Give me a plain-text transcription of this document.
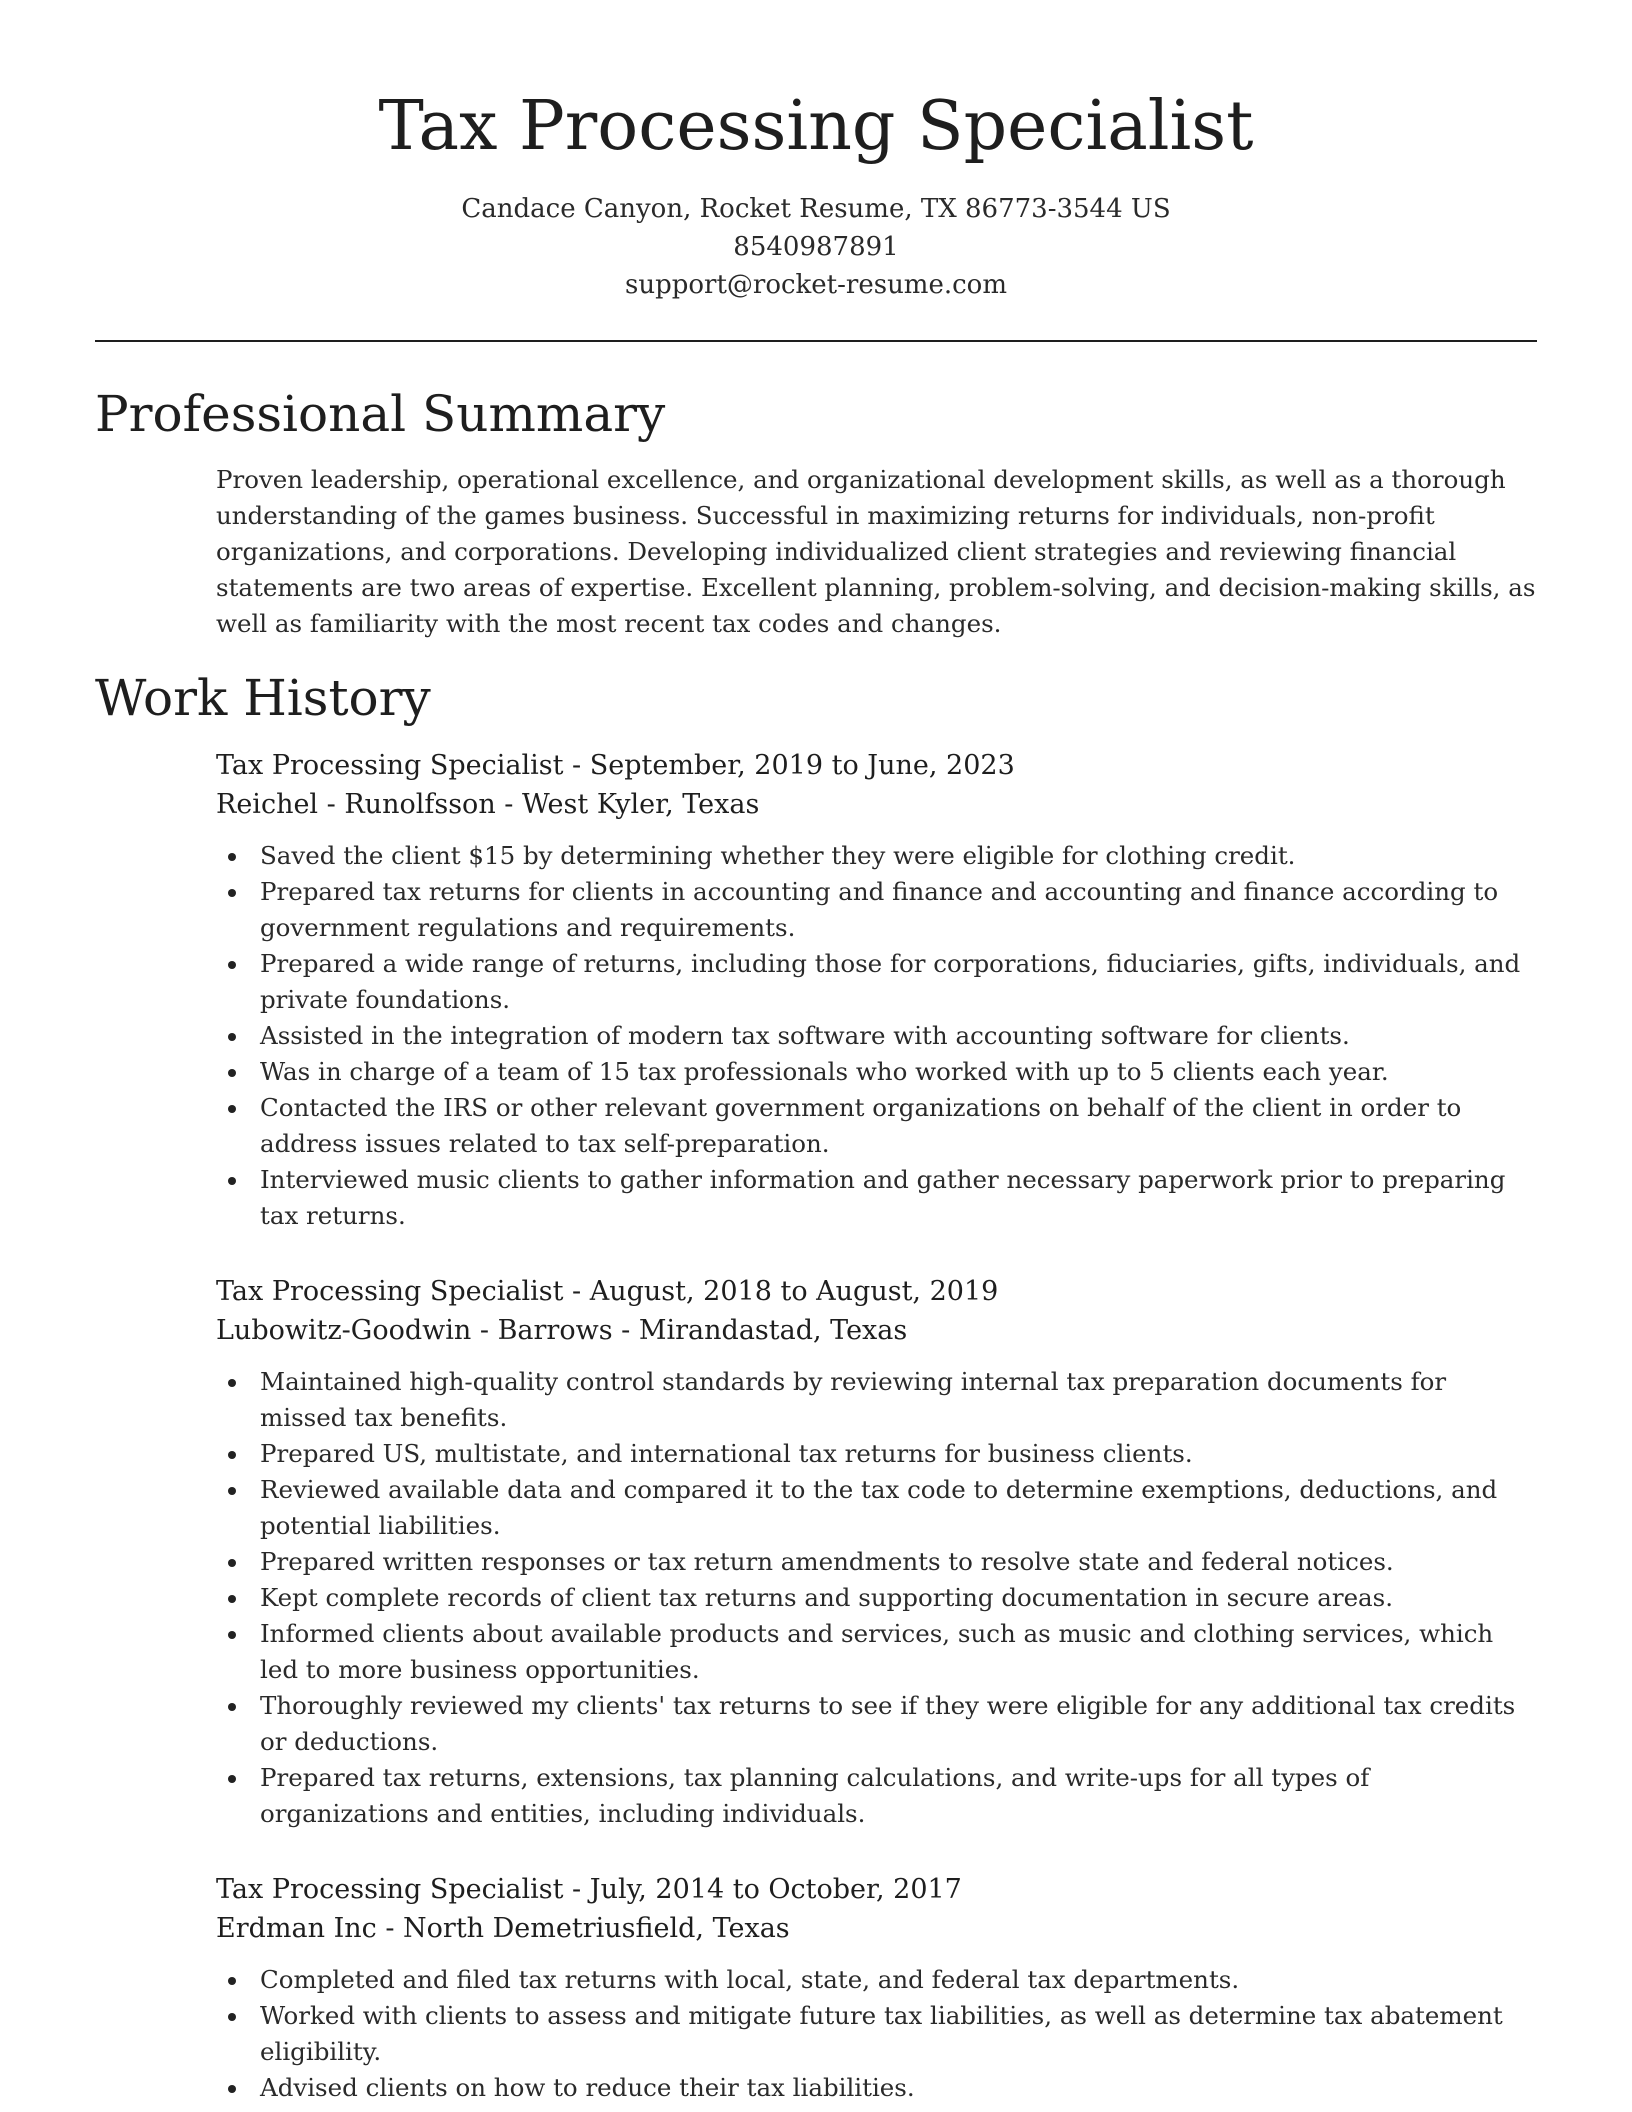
Tax Processing Specialist
Candace Canyon, Rocket Resume, TX 86773-3544 US
8540987891
support@rocket-resume.com
Professional Summary
Proven leadership, operational excellence, and organizational development skills, as well as a thorough understanding of the games business. Successful in maximizing returns for individuals, non-profit organizations, and corporations. Developing individualized client strategies and reviewing financial statements are two areas of expertise. Excellent planning, problem-solving, and decision-making skills, as well as familiarity with the most recent tax codes and changes.
Work History
Tax Processing Specialist - September, 2019 to June, 2023
Reichel - Runolfsson - West Kyler, Texas
Saved the client $15 by determining whether they were eligible for clothing credit.
Prepared tax returns for clients in accounting and finance and accounting and finance according to government regulations and requirements.
Prepared a wide range of returns, including those for corporations, fiduciaries, gifts, individuals, and private foundations.
Assisted in the integration of modern tax software with accounting software for clients.
Was in charge of a team of 15 tax professionals who worked with up to 5 clients each year.
Contacted the IRS or other relevant government organizations on behalf of the client in order to address issues related to tax self-preparation.
Interviewed music clients to gather information and gather necessary paperwork prior to preparing tax returns.
Tax Processing Specialist - August, 2018 to August, 2019
Lubowitz-Goodwin - Barrows - Mirandastad, Texas
Maintained high-quality control standards by reviewing internal tax preparation documents for missed tax benefits.
Prepared US, multistate, and international tax returns for business clients.
Reviewed available data and compared it to the tax code to determine exemptions, deductions, and potential liabilities.
Prepared written responses or tax return amendments to resolve state and federal notices.
Kept complete records of client tax returns and supporting documentation in secure areas.
Informed clients about available products and services, such as music and clothing services, which led to more business opportunities.
Thoroughly reviewed my clients' tax returns to see if they were eligible for any additional tax credits or deductions.
Prepared tax returns, extensions, tax planning calculations, and write-ups for all types of organizations and entities, including individuals.
Tax Processing Specialist - July, 2014 to October, 2017
Erdman Inc - North Demetriusfield, Texas
Completed and filed tax returns with local, state, and federal tax departments.
Worked with clients to assess and mitigate future tax liabilities, as well as determine tax abatement eligibility.
Advised clients on how to reduce their tax liabilities.
